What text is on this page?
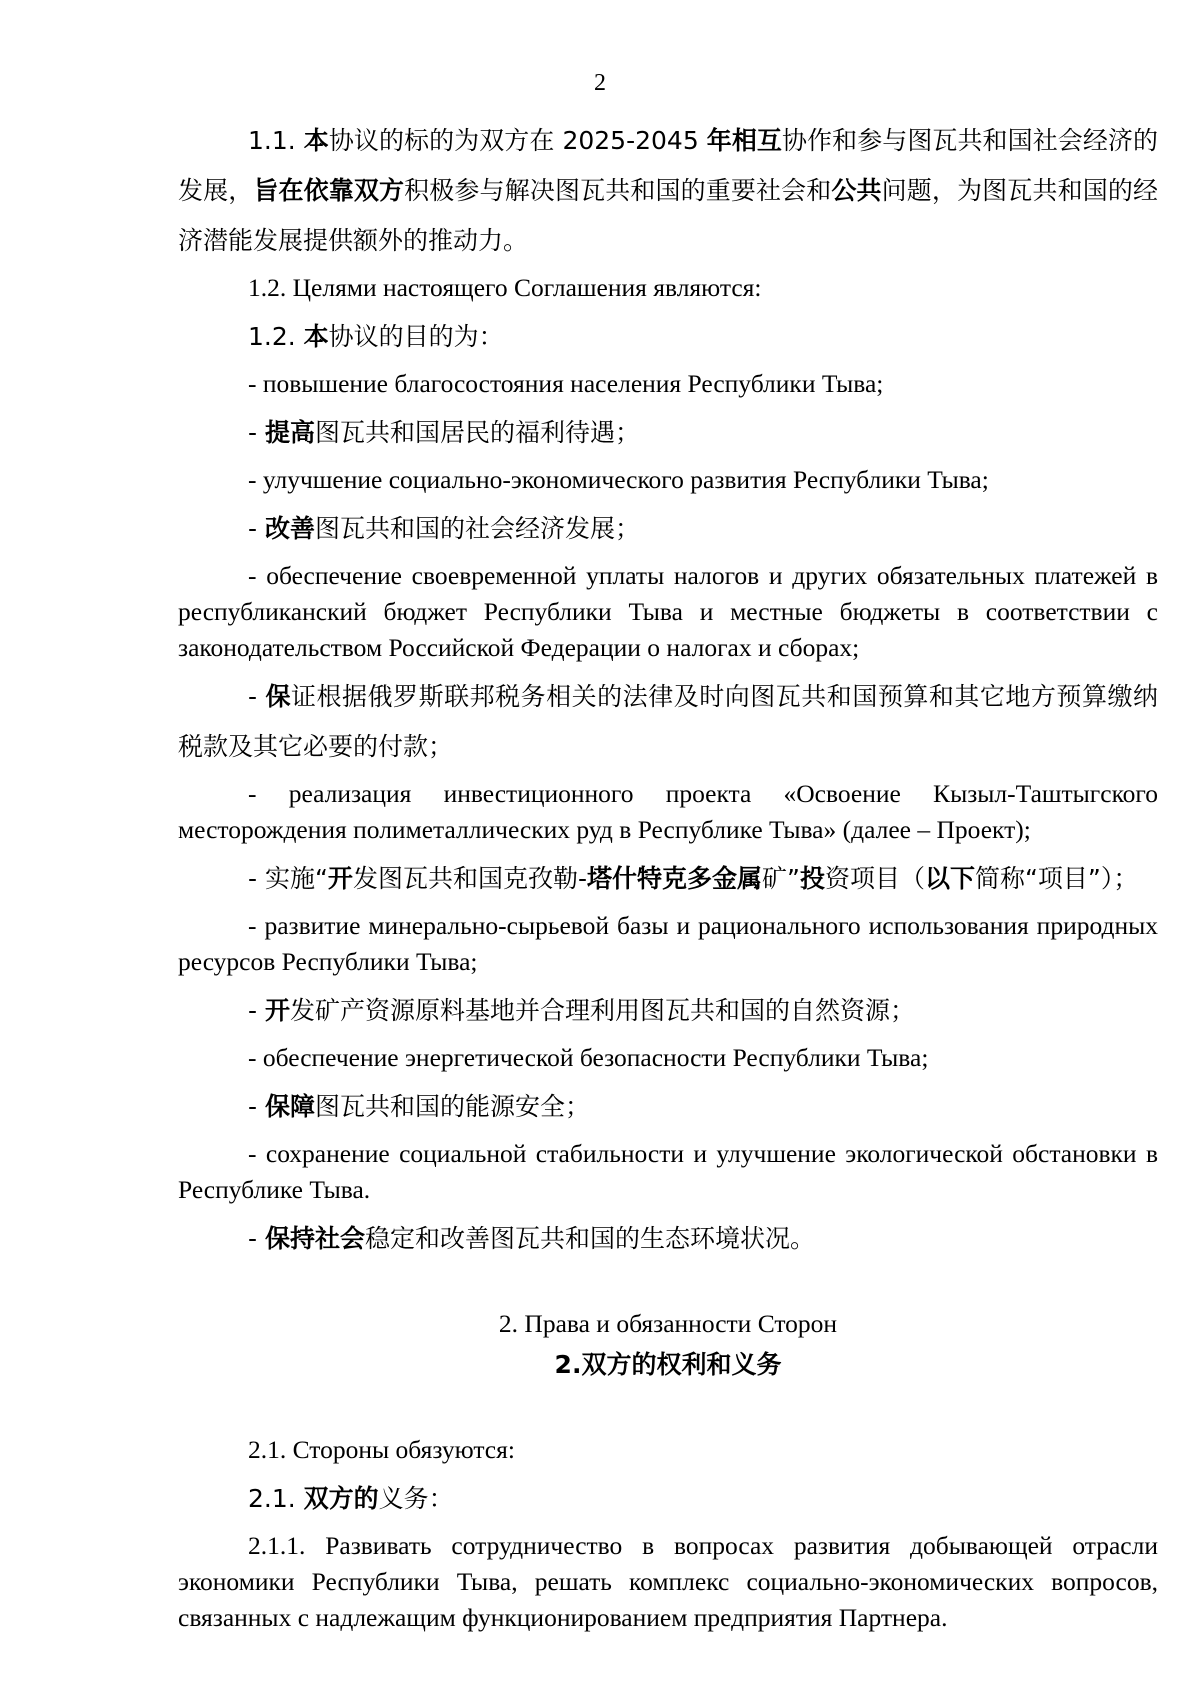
2

1.1. 本协议的标的为双方在 2025-2045 年相互协作和参与图瓦共和国社会经济的发展，旨在依靠双方积极参与解决图瓦共和国的重要社会和公共问题，为图瓦共和国的经济潜能发展提供额外的推动力。

1.2. Целями настоящего Соглашения являются:

1.2. 本协议的目的为：

- повышение благосостояния населения Республики Тыва;

- 提高图瓦共和国居民的福利待遇；

- улучшение социально-экономического развития Республики Тыва;

- 改善图瓦共和国的社会经济发展；

- обеспечение своевременной уплаты налогов и других обязательных платежей в республиканский бюджет Республики Тыва и местные бюджеты в соответствии с законодательством Российской Федерации о налогах и сборах;

- 保证根据俄罗斯联邦税务相关的法律及时向图瓦共和国预算和其它地方预算缴纳税款及其它必要的付款；

- реализация инвестиционного проекта «Освоение Кызыл-Таштыгского месторождения полиметаллических руд в Республике Тыва» (далее – Проект);

- 实施“开发图瓦共和国克孜勒-塔什特克多金属矿”投资项目（以下简称“项目”）；

- развитие минерально-сырьевой базы и рационального использования природных ресурсов Республики Тыва;

- 开发矿产资源原料基地并合理利用图瓦共和国的自然资源；

- обеспечение энергетической безопасности Республики Тыва;

- 保障图瓦共和国的能源安全；

- сохранение социальной стабильности и улучшение экологической обстановки в Республике Тыва.

- 保持社会稳定和改善图瓦共和国的生态环境状况。

2. Права и обязанности Сторон
2.双方的权利和义务

2.1. Стороны обязуются:

2.1. 双方的义务：

2.1.1. Развивать сотрудничество в вопросах развития добывающей отрасли экономики Республики Тыва, решать комплекс социально-экономических вопросов, связанных с надлежащим функционированием предприятия Партнера.
